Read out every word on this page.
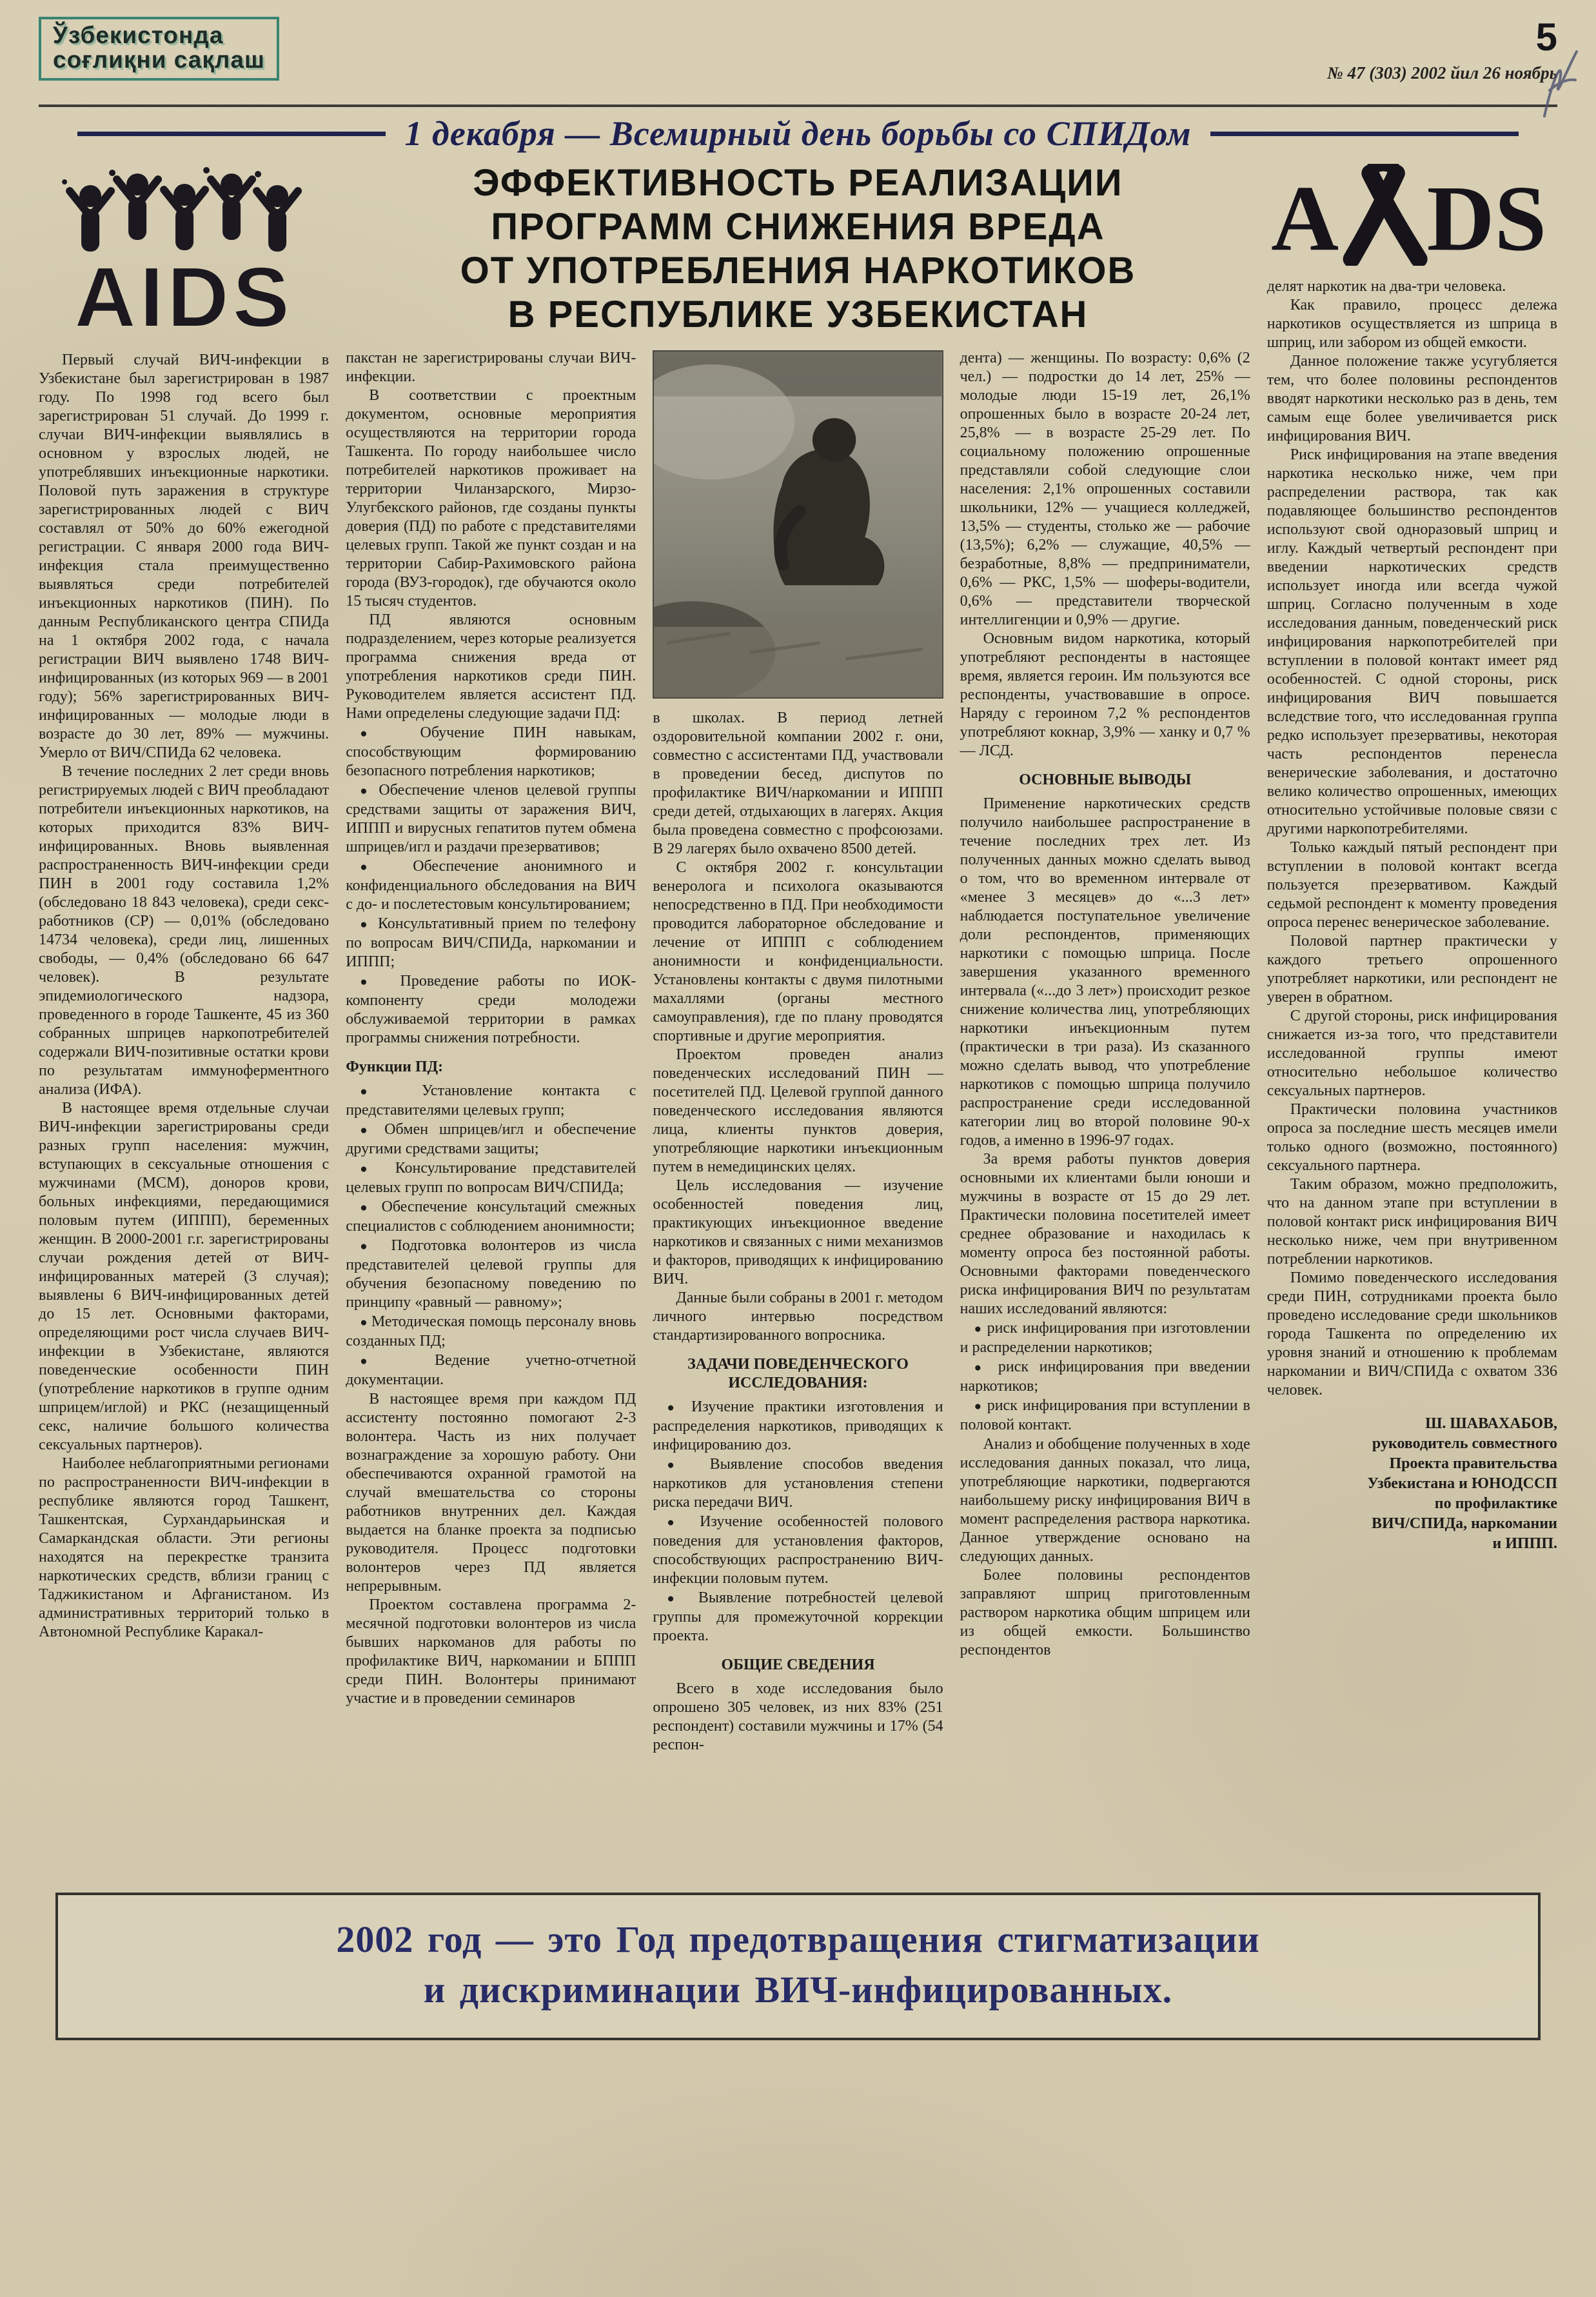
Ўзбекистонда
соғлиқни сақлаш
5
№ 47 (303) 2002 йил 26 ноябрь
1 декабря — Всемирный день борьбы со СПИДом
AIDS
Первый случай ВИЧ-инфекции в Узбекистане был зарегистрирован в 1987 году. По 1998 год всего был зарегистрирован 51 случай. До 1999 г. случаи ВИЧ-инфекции выявлялись в основном у взрослых людей, не употреблявших инъекционные наркотики. Половой путь заражения в структуре зарегистрированных людей с ВИЧ составлял от 50% до 60% ежегодной регистрации. С января 2000 года ВИЧ-инфекция стала преимущественно выявляться среди потребителей инъекционных наркотиков (ПИН). По данным Республиканского центра СПИДа на 1 октября 2002 года, с начала регистрации ВИЧ выявлено 1748 ВИЧ-инфицированных (из которых 969 — в 2001 году); 56% зарегистрированных ВИЧ-инфицированных — молодые люди в возрасте до 30 лет, 89% — мужчины. Умерло от ВИЧ/СПИДа 62 человека.
В течение последних 2 лет среди вновь регистрируемых людей с ВИЧ преобладают потребители инъекционных наркотиков, на которых приходится 83% ВИЧ-инфицированных. Вновь выявленная распространенность ВИЧ-инфекции среди ПИН в 2001 году составила 1,2% (обследовано 18 843 человека), среди секс-работников (СР) — 0,01% (обследовано 14734 человека), среди лиц, лишенных свободы, — 0,4% (обследовано 66 647 человек). В результате эпидемиологического надзора, проведенного в городе Ташкенте, 45 из 360 собранных шприцев наркопотребителей содержали ВИЧ-позитивные остатки крови по результатам иммуноферментного анализа (ИФА).
В настоящее время отдельные случаи ВИЧ-инфекции зарегистрированы среди разных групп населения: мужчин, вступающих в сексуальные отношения с мужчинами (МСМ), доноров крови, больных инфекциями, передающимися половым путем (ИППП), беременных женщин. В 2000-2001 г.г. зарегистрированы случаи рождения детей от ВИЧ-инфицированных матерей (3 случая); выявлены 6 ВИЧ-инфицированных детей до 15 лет. Основными факторами, определяющими рост числа случаев ВИЧ-инфекции в Узбекистане, являются поведенческие особенности ПИН (употребление наркотиков в группе одним шприцем/иглой) и РКС (незащищенный секс, наличие большого количества сексуальных партнеров).
Наиболее неблагоприятными регионами по распространенности ВИЧ-инфекции в республике являются город Ташкент, Ташкентская, Сурхандарьинская и Самаркандская области. Эти регионы находятся на перекрестке транзита наркотических средств, вблизи границ с Таджикистаном и Афганистаном. Из административных территорий только в Автономной Республике Каракал-
ЭФФЕКТИВНОСТЬ РЕАЛИЗАЦИИ
ПРОГРАММ СНИЖЕНИЯ ВРЕДА
ОТ УПОТРЕБЛЕНИЯ НАРКОТИКОВ
В РЕСПУБЛИКЕ УЗБЕКИСТАН
пакстан не зарегистрированы случаи ВИЧ-инфекции.
В соответствии с проектным документом, основные мероприятия осуществляются на территории города Ташкента. По городу наибольшее число потребителей наркотиков проживает на территории Чиланзарского, Мирзо-Улугбекского районов, где созданы пункты доверия (ПД) по работе с представителями целевых групп. Такой же пункт создан и на территории Сабир-Рахимовского района города (ВУЗ-городок), где обучаются около 15 тысяч студентов.
ПД являются основным подразделением, через которые реализуется программа снижения вреда от употребления наркотиков среди ПИН. Руководителем является ассистент ПД. Нами определены следующие задачи ПД:
● Обучение ПИН навыкам, способствующим формированию безопасного потребления наркотиков;
● Обеспечение членов целевой группы средствами защиты от заражения ВИЧ, ИППП и вирусных гепатитов путем обмена шприцев/игл и раздачи презервативов;
● Обеспечение анонимного и конфиденциального обследования на ВИЧ с до- и послетестовым консультированием;
● Консультативный прием по телефону по вопросам ВИЧ/СПИДа, наркомании и ИППП;
● Проведение работы по ИОК-компоненту среди молодежи обслуживаемой территории в рамках программы снижения потребности.
Функции ПД:
● Установление контакта с представителями целевых групп;
● Обмен шприцев/игл и обеспечение другими средствами защиты;
● Консультирование представителей целевых групп по вопросам ВИЧ/СПИДа;
● Обеспечение консультаций смежных специалистов с соблюдением анонимности;
● Подготовка волонтеров из числа представителей целевой группы для обучения безопасному поведению по принципу «равный — равному»;
● Методическая помощь персоналу вновь созданных ПД;
● Ведение учетно-отчетной документации.
В настоящее время при каждом ПД ассистенту постоянно помогают 2-3 волонтера. Часть из них получает вознаграждение за хорошую работу. Они обеспечиваются охранной грамотой на случай вмешательства со стороны работников внутренних дел. Каждая выдается на бланке проекта за подписью руководителя. Процесс подготовки волонтеров через ПД является непрерывным.
Проектом составлена программа 2-месячной подготовки волонтеров из числа бывших наркоманов для работы по профилактике ВИЧ, наркомании и БППП среди ПИН. Волонтеры принимают участие и в проведении семинаров
в школах. В период летней оздоровительной компании 2002 г. они, совместно с ассистентами ПД, участвовали в проведении бесед, диспутов по профилактике ВИЧ/наркомании и ИППП среди детей, отдыхающих в лагерях. Акция была проведена совместно с профсоюзами. В 29 лагерях было охвачено 8500 детей.
С октября 2002 г. консультации венеролога и психолога оказываются непосредственно в ПД. При необходимости проводится лабораторное обследование и лечение от ИППП с соблюдением анонимности и конфиденциальности. Установлены контакты с двумя пилотными махаллями (органы местного самоуправления), где по плану проводятся спортивные и другие мероприятия.
Проектом проведен анализ поведенческих исследований ПИН — посетителей ПД. Целевой группой данного поведенческого исследования являются лица, клиенты пунктов доверия, употребляющие наркотики инъекционным путем в немедицинских целях.
Цель исследования — изучение особенностей поведения лиц, практикующих инъекционное введение наркотиков и связанных с ними механизмов и факторов, приводящих к инфицированию ВИЧ.
Данные были собраны в 2001 г. методом личного интервью посредством стандартизированного вопросника.
ЗАДАЧИ ПОВЕДЕНЧЕСКОГО ИССЛЕДОВАНИЯ:
● Изучение практики изготовления и распределения наркотиков, приводящих к инфицированию доз.
● Выявление способов введения наркотиков для установления степени риска передачи ВИЧ.
● Изучение особенностей полового поведения для установления факторов, способствующих распространению ВИЧ-инфекции половым путем.
● Выявление потребностей целевой группы для промежуточной коррекции проекта.
ОБЩИЕ СВЕДЕНИЯ
Всего в ходе исследования было опрошено 305 человек, из них 83% (251 респондент) составили мужчины и 17% (54 респон-
дента) — женщины. По возрасту: 0,6% (2 чел.) — подростки до 14 лет, 25% — молодые люди 15-19 лет, 26,1% опрошенных было в возрасте 20-24 лет, 25,8% — в возрасте 25-29 лет. По социальному положению опрошенные представляли собой следующие слои населения: 2,1% опрошенных составили школьники, 12% — учащиеся колледжей, 13,5% — студенты, столько же — рабочие (13,5%); 6,2% — служащие, 40,5% — безработные, 8,8% — предприниматели, 0,6% — РКС, 1,5% — шоферы-водители, 0,6% — представители творческой интеллигенции и 0,9% — другие.
Основным видом наркотика, который употребляют респонденты в настоящее время, является героин. Им пользуются все респонденты, участвовавшие в опросе. Наряду с героином 7,2 % респондентов употребляют кокнар, 3,9% — ханку и 0,7 % — ЛСД.
ОСНОВНЫЕ ВЫВОДЫ
Применение наркотических средств получило наибольшее распространение в течение последних трех лет. Из полученных данных можно сделать вывод о том, что во временном интервале от «менее 3 месяцев» до «...3 лет» наблюдается поступательное увеличение доли респондентов, применяющих наркотики с помощью шприца. После завершения указанного временного интервала («...до 3 лет») происходит резкое снижение количества лиц, употребляющих наркотики инъекционным путем (практически в три раза). Из сказанного можно сделать вывод, что употребление наркотиков с помощью шприца получило распространение среди исследованной категории лиц во второй половине 90-х годов, а именно в 1996-97 годах.
За время работы пунктов доверия основными их клиентами были юноши и мужчины в возрасте от 15 до 29 лет. Практически половина посетителей имеет среднее образование и находилась к моменту опроса без постоянной работы. Основными факторами поведенческого риска инфицирования ВИЧ по результатам наших исследований являются:
● риск инфицирования при изготовлении и распределении наркотиков;
● риск инфицирования при введении наркотиков;
● риск инфицирования при вступлении в половой контакт.
Анализ и обобщение полученных в ходе исследования данных показал, что лица, употребляющие наркотики, подвергаются наибольшему риску инфицирования ВИЧ в момент распределения раствора наркотика. Данное утверждение основано на следующих данных.
Более половины респондентов заправляют шприц приготовленным раствором наркотика общим шприцем или из общей емкости. Большинство респондентов
A DS
делят наркотик на два-три человека.
Как правило, процесс дележа наркотиков осуществляется из шприца в шприц, или забором из общей емкости.
Данное положение также усугубляется тем, что более половины респондентов вводят наркотики несколько раз в день, тем самым еще более увеличивается риск инфицирования ВИЧ.
Риск инфицирования на этапе введения наркотика несколько ниже, чем при распределении раствора, так как подавляющее большинство респондентов используют свой одноразовый шприц и иглу. Каждый четвертый респондент при введении наркотических средств использует иногда или всегда чужой шприц. Согласно полученным в ходе исследования данным, поведенческий риск инфицирования наркопотребителей при вступлении в половой контакт имеет ряд особенностей. С одной стороны, риск инфицирования ВИЧ повышается вследствие того, что исследованная группа редко использует презервативы, некоторая часть респондентов перенесла венерические заболевания, и достаточно велико количество опрошенных, имеющих относительно устойчивые половые связи с другими наркопотребителями.
Только каждый пятый респондент при вступлении в половой контакт всегда пользуется презервативом. Каждый седьмой респондент к моменту проведения опроса перенес венерическое заболевание.
Половой партнер практически у каждого третьего опрошенного употребляет наркотики, или респондент не уверен в обратном.
С другой стороны, риск инфицирования снижается из-за того, что представители исследованной группы имеют относительно небольшое количество сексуальных партнеров.
Практически половина участников опроса за последние шесть месяцев имели только одного (возможно, постоянного) сексуального партнера.
Таким образом, можно предположить, что на данном этапе при вступлении в половой контакт риск инфицирования ВИЧ несколько ниже, чем при внутривенном потреблении наркотиков.
Помимо поведенческого исследования среди ПИН, сотрудниками проекта было проведено исследование среди школьников города Ташкента по определению их уровня знаний и отношению к проблемам наркомании и ВИЧ/СПИДа с охватом 336 человек.
Ш. ШАВАХАБОВ,
руководитель совместного
Проекта правительства
Узбекистана и ЮНОДССП
по профилактике
ВИЧ/СПИДа, наркомании
и ИППП.
2002 год — это Год предотвращения стигматизации
и дискриминации ВИЧ-инфицированных.
